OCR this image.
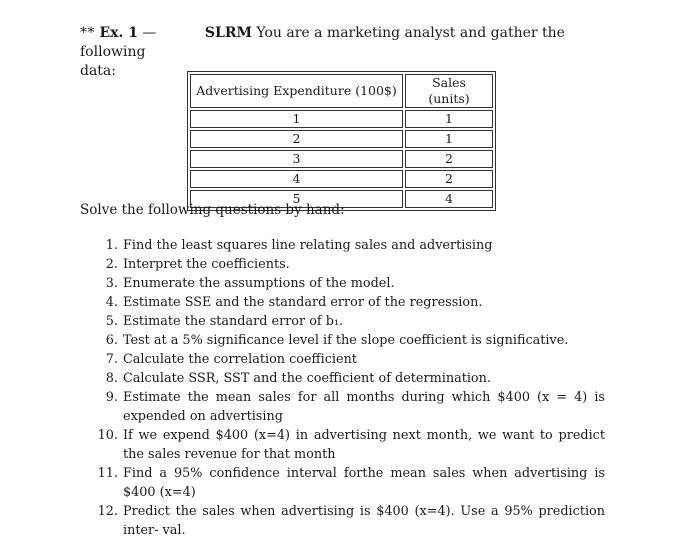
** Ex. 1 —	SLRM You are a marketing analyst and gather the following
data:
Advertising Expenditure (100$)	Sales (units)
1	1
2	1
3	2
4	2
5	4
Solve the following questions by hand:
1. Find the least squares line relating sales and advertising
2. Interpret the coefficients.
3. Enumerate the assumptions of the model.
4. Estimate SSE and the standard error of the regression.
5. Estimate the standard error of b₁.
6. Test at a 5% significance level if the slope coefficient is significative.
7. Calculate the correlation coefficient
8. Calculate SSR, SST and the coefficient of determination.
9. Estimate the mean sales for all months during which $400 (x = 4) is expended on advertising
10. If we expend $400 (x=4) in advertising next month, we want to predict the sales revenue for that month
11. Find a 95% confidence interval forthe mean sales when advertising is $400 (x=4)
12. Predict the sales when advertising is $400 (x=4). Use a 95% prediction inter- val.
